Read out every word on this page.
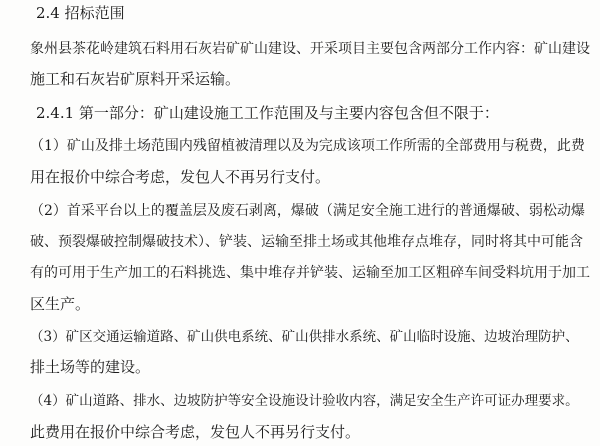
2.4 招标范围
象州县茶花岭建筑石料用石灰岩矿矿山建设、开采项目主要包含两部分工作内容：矿山建设
施工和石灰岩矿原料开采运输。
2.4.1 第一部分：矿山建设施工工作范围及与主要内容包含但不限于：
（1）矿山及排土场范围内残留植被清理以及为完成该项工作所需的全部费用与税费，此费
用在报价中综合考虑，发包人不再另行支付。
（2）首采平台以上的覆盖层及废石剥离，爆破（满足安全施工进行的普通爆破、弱松动爆
破、预裂爆破控制爆破技术）、铲装、运输至排土场或其他堆存点堆存，同时将其中可能含
有的可用于生产加工的石料挑选、集中堆存并铲装、运输至加工区粗碎车间受料坑用于加工
区生产。
（3）矿区交通运输道路、矿山供电系统、矿山供排水系统、矿山临时设施、边坡治理防护、
排土场等的建设。
（4）矿山道路、排水、边坡防护等安全设施设计验收内容，满足安全生产许可证办理要求。
此费用在报价中综合考虑，发包人不再另行支付。
